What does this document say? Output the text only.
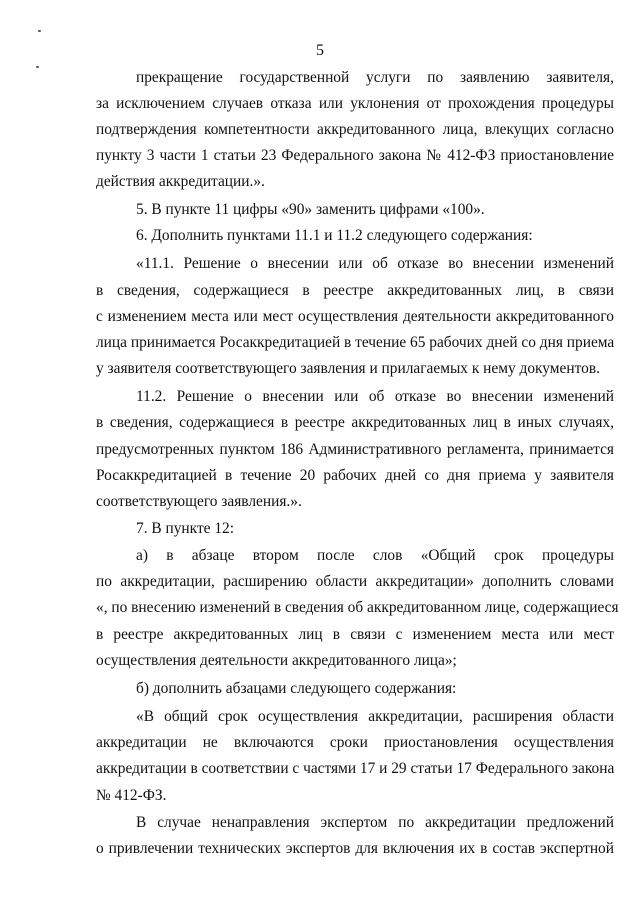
5
прекращение государственной услуги по заявлению заявителя,
за исключением случаев отказа или уклонения от прохождения процедуры
подтверждения компетентности аккредитованного лица, влекущих согласно
пункту 3 части 1 статьи 23 Федерального закона № 412-ФЗ приостановление
действия аккредитации.».
5. В пункте 11 цифры «90» заменить цифрами «100».
6. Дополнить пунктами 11.1 и 11.2 следующего содержания:
«11.1. Решение о внесении или об отказе во внесении изменений
в сведения, содержащиеся в реестре аккредитованных лиц, в связи
с изменением места или мест осуществления деятельности аккредитованного
лица принимается Росаккредитацией в течение 65 рабочих дней со дня приема
у заявителя соответствующего заявления и прилагаемых к нему документов.
11.2. Решение о внесении или об отказе во внесении изменений
в сведения, содержащиеся в реестре аккредитованных лиц в иных случаях,
предусмотренных пунктом 186 Административного регламента, принимается
Росаккредитацией в течение 20 рабочих дней со дня приема у заявителя
соответствующего заявления.».
7. В пункте 12:
а) в абзаце втором после слов «Общий срок процедуры
по аккредитации, расширению области аккредитации» дополнить словами
«, по внесению изменений в сведения об аккредитованном лице, содержащиеся
в реестре аккредитованных лиц в связи с изменением места или мест
осуществления деятельности аккредитованного лица»;
б) дополнить абзацами следующего содержания:
«В общий срок осуществления аккредитации, расширения области
аккредитации не включаются сроки приостановления осуществления
аккредитации в соответствии с частями 17 и 29 статьи 17 Федерального закона
№ 412-ФЗ.
В случае ненаправления экспертом по аккредитации предложений
о привлечении технических экспертов для включения их в состав экспертной
